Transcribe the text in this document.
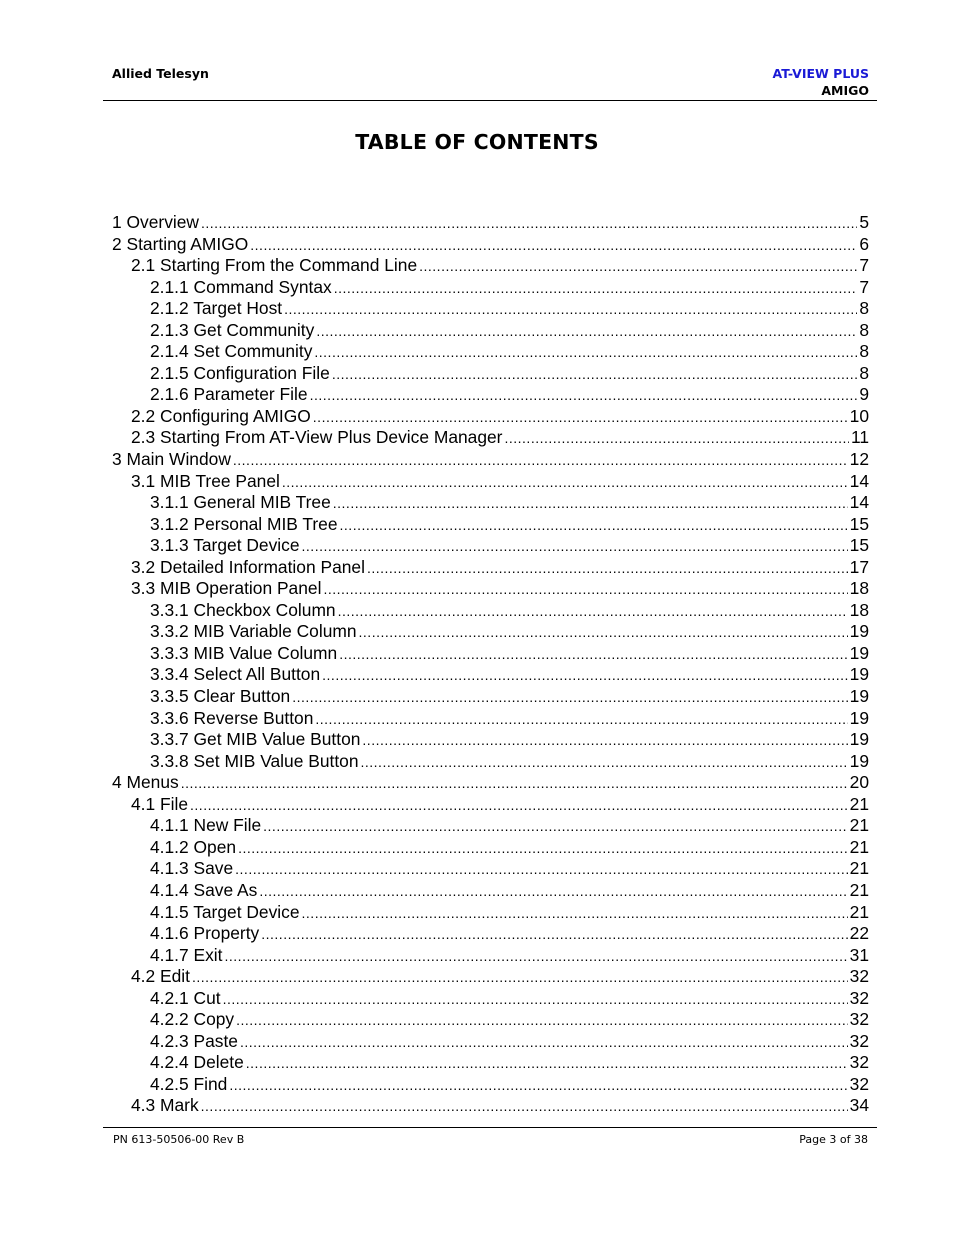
Allied Telesyn	AT-VIEW PLUS
AMIGO
TABLE OF CONTENTS
1 Overview .....	5
2 Starting AMIGO .....	6
2.1 Starting From the Command Line .....	7
2.1.1 Command Syntax .....	7
2.1.2 Target Host .....	8
2.1.3 Get Community .....	8
2.1.4 Set Community .....	8
2.1.5 Configuration File .....	8
2.1.6 Parameter File .....	9
2.2 Configuring AMIGO .....	10
2.3 Starting From AT-View Plus Device Manager .....	11
3 Main Window .....	12
3.1 MIB Tree Panel .....	14
3.1.1 General MIB Tree .....	14
3.1.2 Personal MIB Tree .....	15
3.1.3 Target Device .....	15
3.2 Detailed Information Panel .....	17
3.3 MIB Operation Panel .....	18
3.3.1 Checkbox Column .....	18
3.3.2 MIB Variable Column .....	19
3.3.3 MIB Value Column .....	19
3.3.4 Select All Button .....	19
3.3.5 Clear Button .....	19
3.3.6 Reverse Button .....	19
3.3.7 Get MIB Value Button .....	19
3.3.8 Set MIB Value Button .....	19
4 Menus .....	20
4.1 File .....	21
4.1.1 New File .....	21
4.1.2 Open .....	21
4.1.3 Save .....	21
4.1.4 Save As .....	21
4.1.5 Target Device .....	21
4.1.6 Property .....	22
4.1.7 Exit .....	31
4.2 Edit .....	32
4.2.1 Cut .....	32
4.2.2 Copy .....	32
4.2.3 Paste .....	32
4.2.4 Delete .....	32
4.2.5 Find .....	32
4.3 Mark .....	34
PN 613-50506-00 Rev B	Page 3 of 38
